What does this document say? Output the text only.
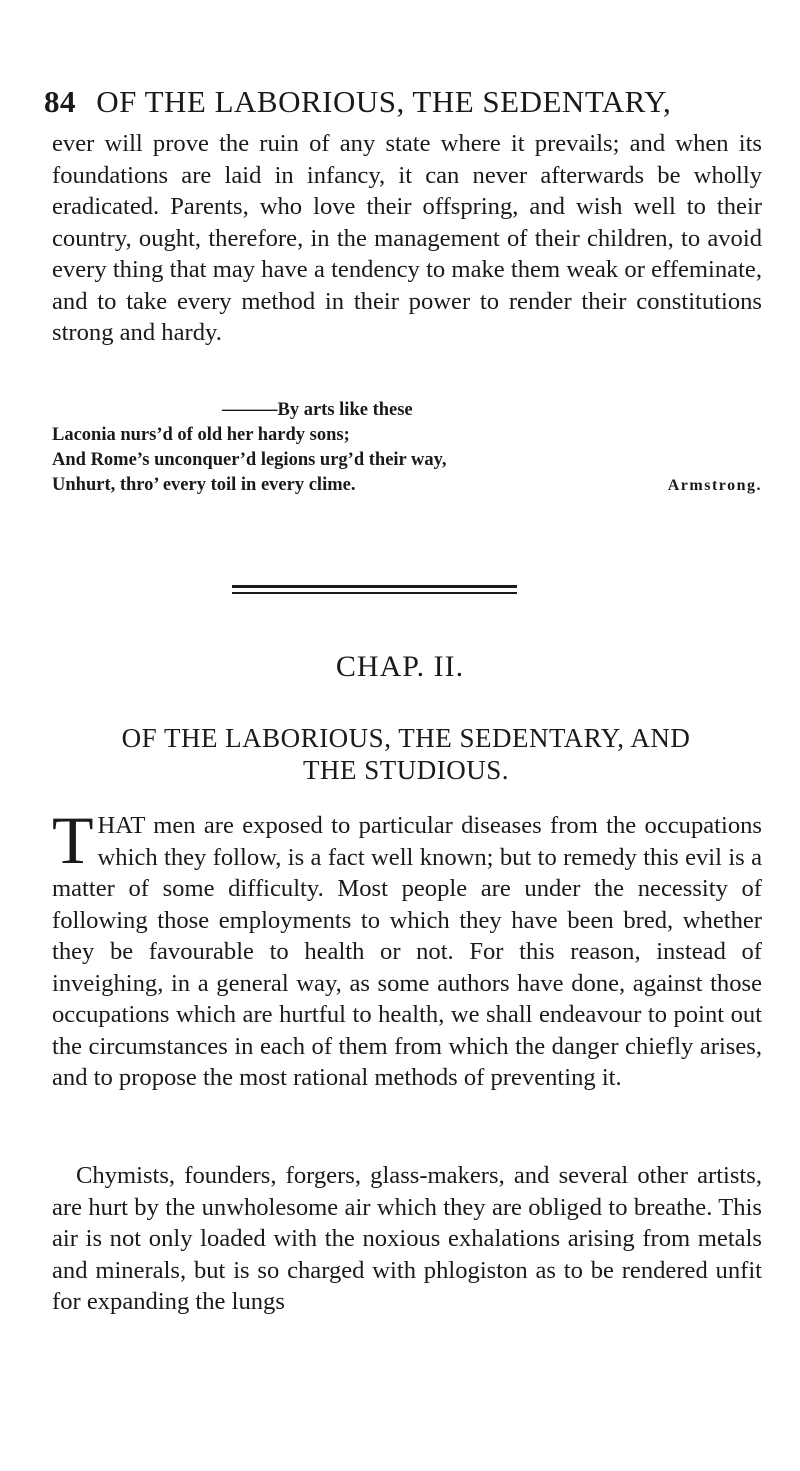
84 OF THE LABORIOUS, THE SEDENTARY,
ever will prove the ruin of any state where it prevails; and when its foundations are laid in infancy, it can never afterwards be wholly eradicated. Parents, who love their offspring, and wish well to their country, ought, therefore, in the management of their children, to avoid every thing that may have a tendency to make them weak or effeminate, and to take every method in their power to render their constitutions strong and hardy.
———By arts like these
Laconia nurs’d of old her hardy sons;
And Rome’s unconquer’d legions urg’d their way,
Unhurt, thro’ every toil in every clime.	Armstrong.
CHAP. II.
OF THE LABORIOUS, THE SEDENTARY, AND
THE STUDIOUS.
THAT men are exposed to particular diseases from the occupations which they follow, is a fact well known; but to remedy this evil is a matter of some difficulty. Most people are under the necessity of following those employments to which they have been bred, whether they be favourable to health or not. For this reason, instead of inveighing, in a general way, as some authors have done, against those occupations which are hurtful to health, we shall endeavour to point out the circumstances in each of them from which the danger chiefly arises, and to propose the most rational methods of preventing it.
Chymists, founders, forgers, glass-makers, and several other artists, are hurt by the unwholesome air which they are obliged to breathe. This air is not only loaded with the noxious exhalations arising from metals and minerals, but is so charged with phlogiston as to be rendered unfit for expanding the lungs
